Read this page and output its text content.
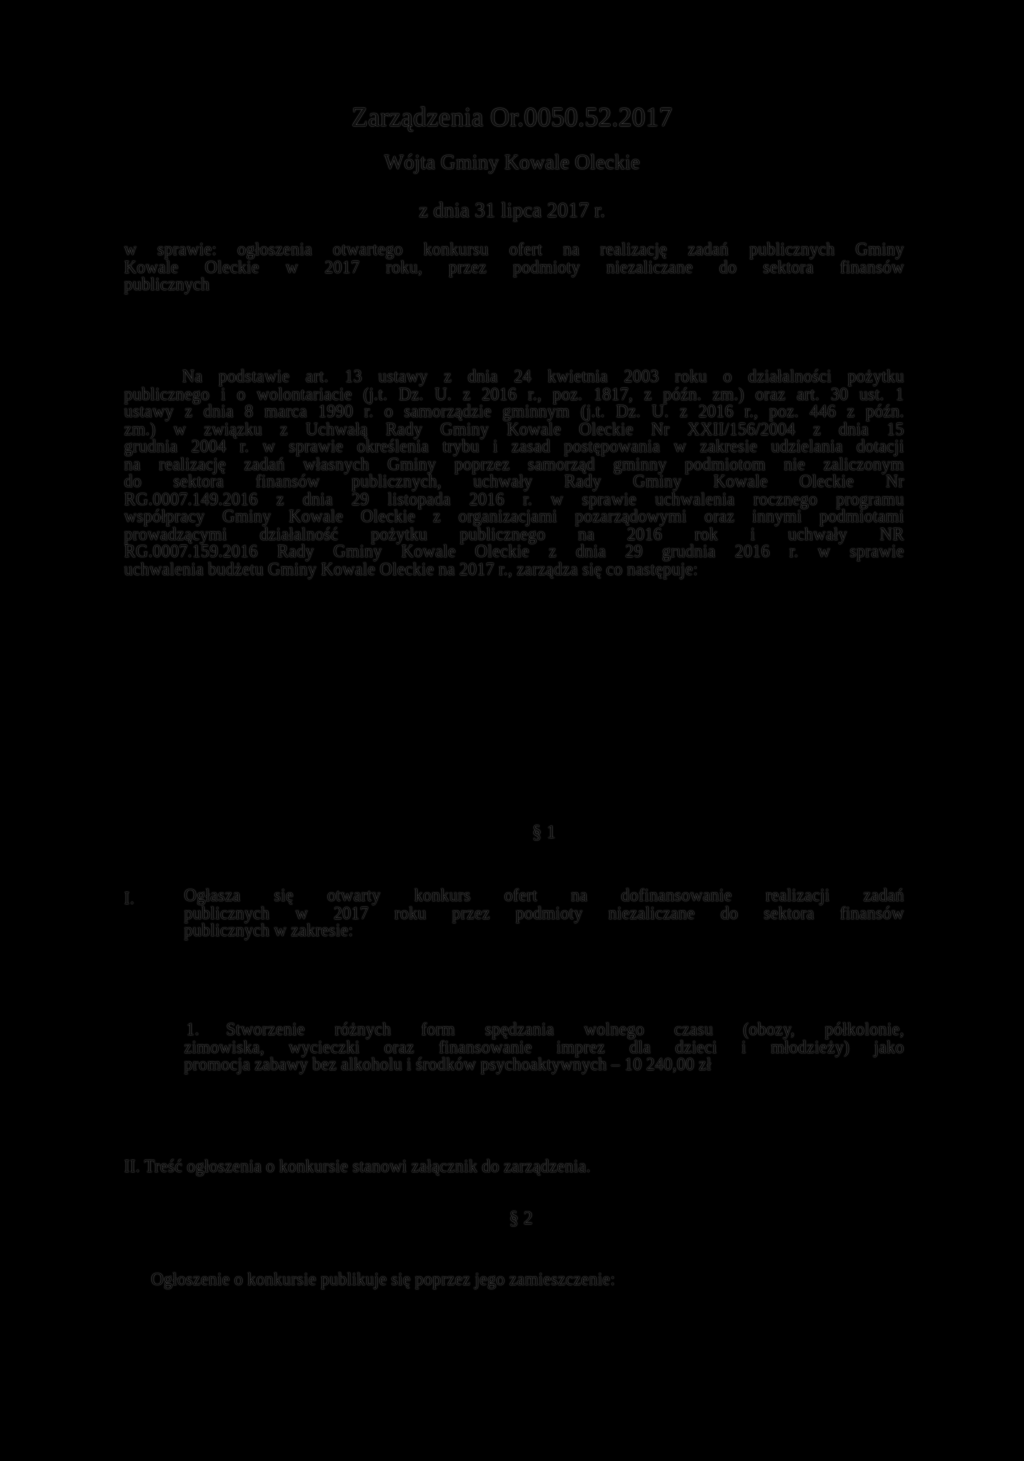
Zarządzenia Or.0050.52.2017
Wójta Gminy Kowale Oleckie
z dnia 31 lipca 2017 r.
w sprawie: ogłoszenia otwartego konkursu ofert na realizację zadań publicznych Gminy
Kowale Oleckie w 2017 roku, przez podmioty niezaliczane do sektora finansów
publicznych
Na podstawie art. 13 ustawy z dnia 24 kwietnia 2003 roku o działalności pożytku
publicznego i o wolontariacie (j.t. Dz. U. z 2016 r., poz. 1817, z późn. zm.) oraz art. 30 ust. 1
ustawy z dnia 8 marca 1990 r. o samorządzie gminnym (j.t. Dz. U. z 2016 r., poz. 446 z późn.
zm.) w związku z Uchwałą Rady Gminy Kowale Oleckie Nr XXII/156/2004 z dnia 15
grudnia 2004 r. w sprawie określenia trybu i zasad postępowania w zakresie udzielania dotacji
na realizację zadań własnych Gminy poprzez samorząd gminny podmiotom nie zaliczonym
do sektora finansów publicznych, uchwały Rady Gminy Kowale Oleckie Nr
RG.0007.149.2016 z dnia 29 listopada 2016 r. w sprawie uchwalenia rocznego programu
współpracy Gminy Kowale Oleckie z organizacjami pozarządowymi oraz innymi podmiotami
prowadzącymi działalność pożytku publicznego na 2016 rok i uchwały NR
RG.0007.159.2016 Rady Gminy Kowale Oleckie z dnia 29 grudnia 2016 r. w sprawie
uchwalenia budżetu Gminy Kowale Oleckie na 2017 r., zarządza się co następuje:
§ 1
I.	Ogłasza się otwarty konkurs ofert na dofinansowanie realizacji zadań
publicznych w 2017 roku przez podmioty niezaliczane do sektora finansów
publicznych w zakresie:
1. Stworzenie różnych form spędzania wolnego czasu (obozy, półkolonie,
zimowiska, wycieczki oraz finansowanie imprez dla dzieci i młodzieży) jako
promocja zabawy bez alkoholu i środków psychoaktywnych – 10 240,00 zł
II. Treść ogłoszenia o konkursie stanowi załącznik do zarządzenia.
§ 2
Ogłoszenie o konkursie publikuje się poprzez jego zamieszczenie:
